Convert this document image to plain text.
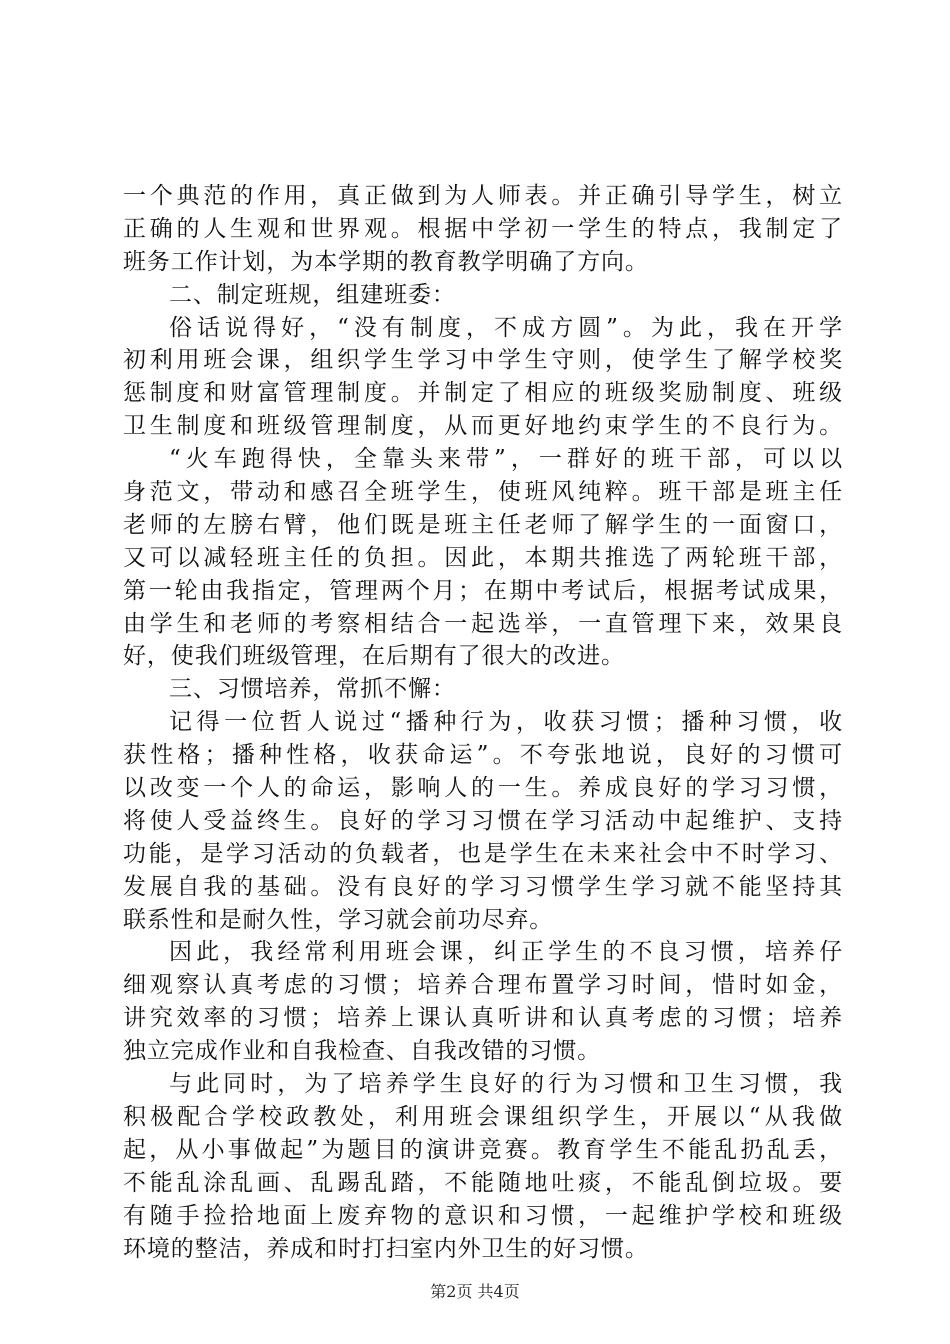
一个典范的作用，真正做到为人师表。并正确引导学生，树立
正确的人生观和世界观。根据中学初一学生的特点，我制定了
班务工作计划，为本学期的教育教学明确了方向。
二、制定班规，组建班委：
俗话说得好，“没有制度，不成方圆”。为此，我在开学
初利用班会课，组织学生学习中学生守则，使学生了解学校奖
惩制度和财富管理制度。并制定了相应的班级奖励制度、班级
卫生制度和班级管理制度，从而更好地约束学生的不良行为。
“火车跑得快，全靠头来带”，一群好的班干部，可以以
身范文，带动和感召全班学生，使班风纯粹。班干部是班主任
老师的左膀右臂，他们既是班主任老师了解学生的一面窗口，
又可以减轻班主任的负担。因此，本期共推选了两轮班干部，
第一轮由我指定，管理两个月；在期中考试后，根据考试成果，
由学生和老师的考察相结合一起选举，一直管理下来，效果良
好，使我们班级管理，在后期有了很大的改进。
三、习惯培养，常抓不懈：
记得一位哲人说过“播种行为，收获习惯；播种习惯，收
获性格；播种性格，收获命运”。不夸张地说，良好的习惯可
以改变一个人的命运，影响人的一生。养成良好的学习习惯，
将使人受益终生。良好的学习习惯在学习活动中起维护、支持
功能，是学习活动的负载者，也是学生在未来社会中不时学习、
发展自我的基础。没有良好的学习习惯学生学习就不能坚持其
联系性和是耐久性，学习就会前功尽弃。
因此，我经常利用班会课，纠正学生的不良习惯，培养仔
细观察认真考虑的习惯；培养合理布置学习时间，惜时如金，
讲究效率的习惯；培养上课认真听讲和认真考虑的习惯；培养
独立完成作业和自我检查、自我改错的习惯。
与此同时，为了培养学生良好的行为习惯和卫生习惯，我
积极配合学校政教处，利用班会课组织学生，开展以“从我做
起，从小事做起”为题目的演讲竞赛。教育学生不能乱扔乱丢，
不能乱涂乱画、乱踢乱踏，不能随地吐痰，不能乱倒垃圾。要
有随手捡拾地面上废弃物的意识和习惯，一起维护学校和班级
环境的整洁，养成和时打扫室内外卫生的好习惯。
第2页 共4页
